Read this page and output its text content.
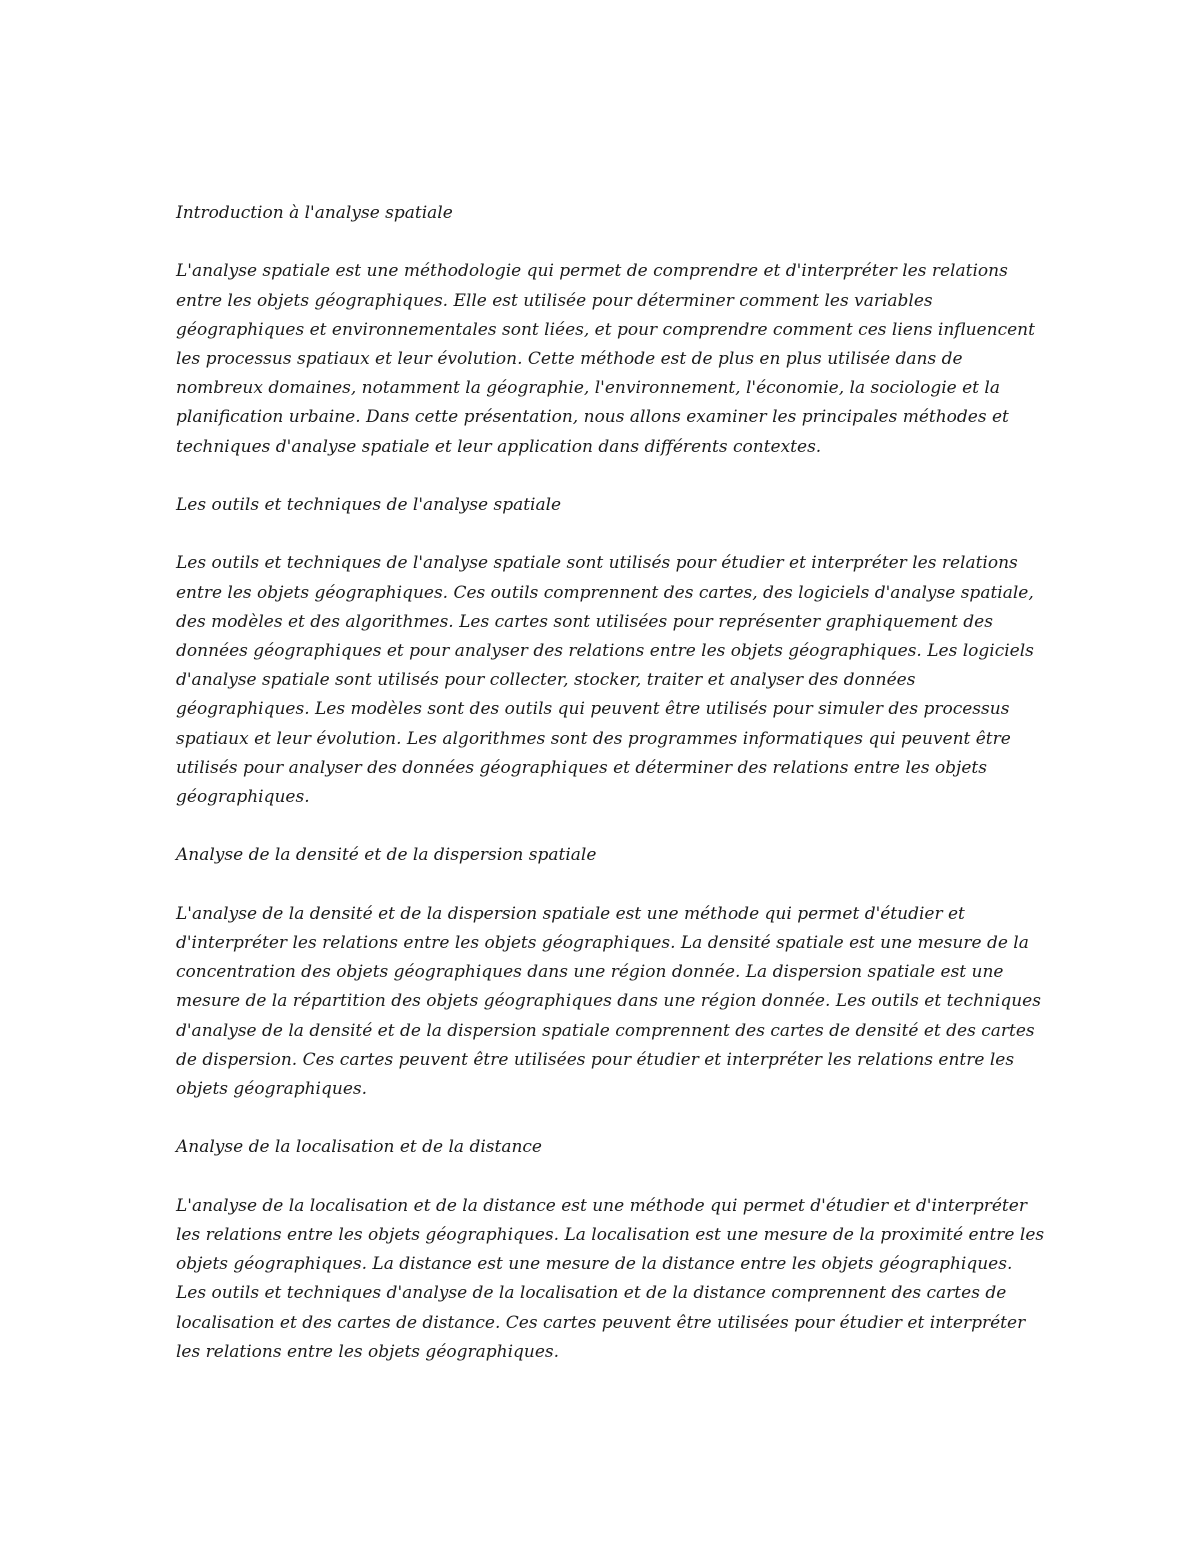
Introduction à l'analyse spatiale

L'analyse spatiale est une méthodologie qui permet de comprendre et d'interpréter les relations entre les objets géographiques. Elle est utilisée pour déterminer comment les variables géographiques et environnementales sont liées, et pour comprendre comment ces liens influencent les processus spatiaux et leur évolution. Cette méthode est de plus en plus utilisée dans de nombreux domaines, notamment la géographie, l'environnement, l'économie, la sociologie et la planification urbaine. Dans cette présentation, nous allons examiner les principales méthodes et techniques d'analyse spatiale et leur application dans différents contextes.

Les outils et techniques de l'analyse spatiale

Les outils et techniques de l'analyse spatiale sont utilisés pour étudier et interpréter les relations entre les objets géographiques. Ces outils comprennent des cartes, des logiciels d'analyse spatiale, des modèles et des algorithmes. Les cartes sont utilisées pour représenter graphiquement des données géographiques et pour analyser des relations entre les objets géographiques. Les logiciels d'analyse spatiale sont utilisés pour collecter, stocker, traiter et analyser des données géographiques. Les modèles sont des outils qui peuvent être utilisés pour simuler des processus spatiaux et leur évolution. Les algorithmes sont des programmes informatiques qui peuvent être utilisés pour analyser des données géographiques et déterminer des relations entre les objets géographiques.

Analyse de la densité et de la dispersion spatiale

L'analyse de la densité et de la dispersion spatiale est une méthode qui permet d'étudier et d'interpréter les relations entre les objets géographiques. La densité spatiale est une mesure de la concentration des objets géographiques dans une région donnée. La dispersion spatiale est une mesure de la répartition des objets géographiques dans une région donnée. Les outils et techniques d'analyse de la densité et de la dispersion spatiale comprennent des cartes de densité et des cartes de dispersion. Ces cartes peuvent être utilisées pour étudier et interpréter les relations entre les objets géographiques.

Analyse de la localisation et de la distance

L'analyse de la localisation et de la distance est une méthode qui permet d'étudier et d'interpréter les relations entre les objets géographiques. La localisation est une mesure de la proximité entre les objets géographiques. La distance est une mesure de la distance entre les objets géographiques. Les outils et techniques d'analyse de la localisation et de la distance comprennent des cartes de localisation et des cartes de distance. Ces cartes peuvent être utilisées pour étudier et interpréter les relations entre les objets géographiques.
